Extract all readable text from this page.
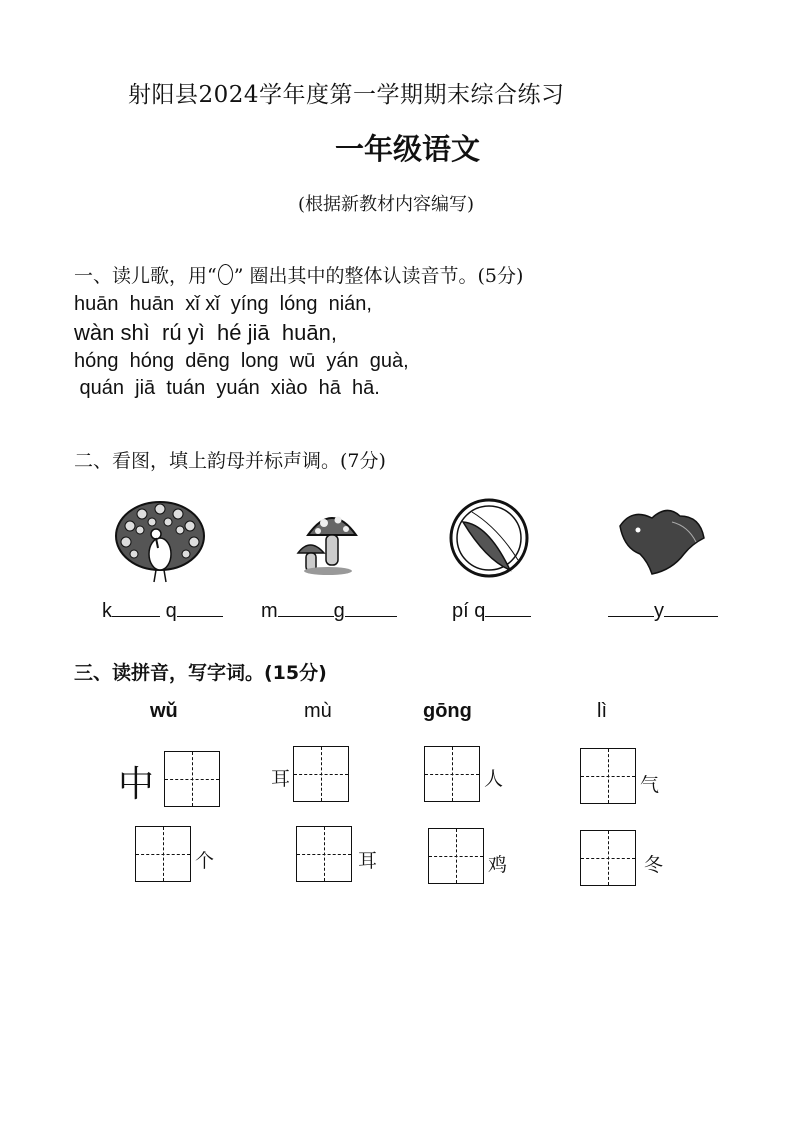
射阳县2024学年度第一学期期末综合练习
一年级语文
(根据新教材内容编写)
一、读儿歌，用“ ” 圈出其中的整体认读音节。(5分)
huān  huān  xǐ xǐ  yíng  lóng  nián,
wàn shì  rú yì  hé jiā  huān,
hóng  hóng  dēng  long  wū  yán  guà,
quán  jiā  tuán  yuán  xiào  hā  hā.
二、看图，填上韵母并标声调。(7分)
k	q	m	g	pí q	y
三、读拼音，写字词。(15分)
wǔ	mù	gōng	lì
中	耳	人	气
个	耳	鸡	冬
